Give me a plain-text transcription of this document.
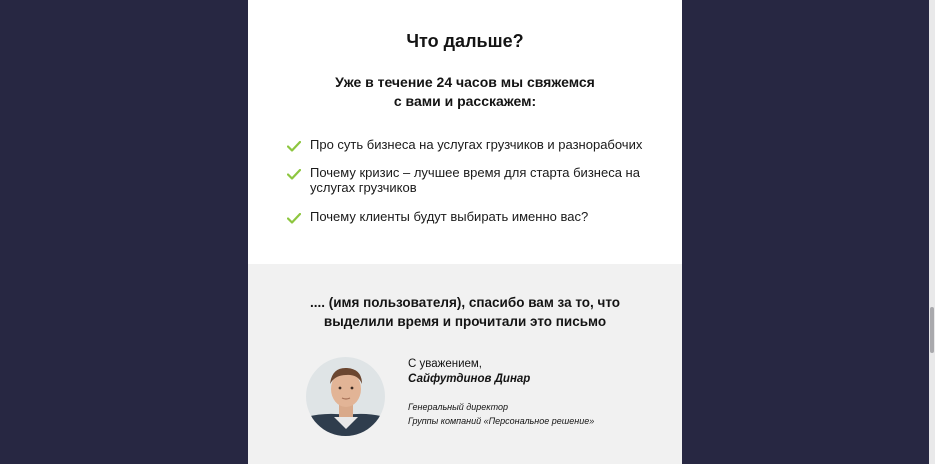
Что дальше?
Уже в течение 24 часов мы свяжемся
с вами и расскажем:
Про суть бизнеса на услугах грузчиков и разнорабочих
Почему кризис – лучшее время для старта бизнеса на услугах грузчиков
Почему клиенты будут выбирать именно вас?
.... (имя пользователя), спасибо вам за то, что
выделили время и прочитали это письмо
С уважением,
Сайфутдинов Динар
Генеральный директор
Группы компаний «Персональное решение»
